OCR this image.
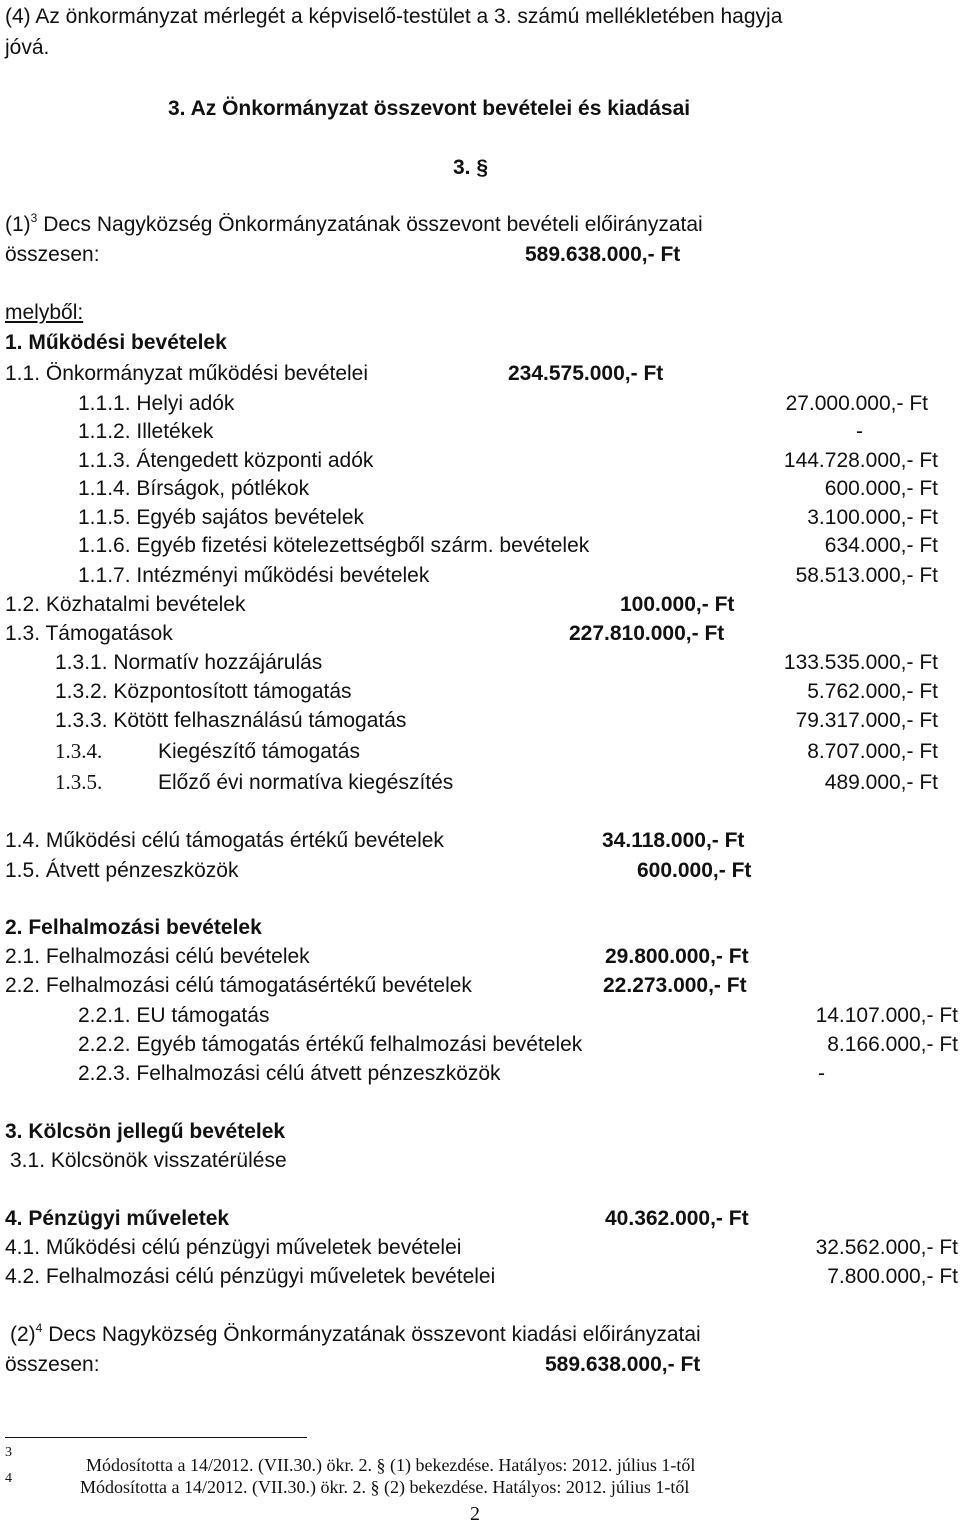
(4) Az önkormányzat mérlegét a képviselő-testület a 3. számú mellékletében hagyja
jóvá.
3. Az Önkormányzat összevont bevételei és kiadásai
3. §
$(1)^3$ Decs Nagyközség Önkormányzatának összevont bevételi előirányzatai
összesen:	589.638.000,- Ft
melyből:
1. Működési bevételek
1.1. Önkormányzat működési bevételei	234.575.000,- Ft
1.1.1. Helyi adók	27.000.000,- Ft
1.1.2. Illetékek	-
1.1.3. Átengedett központi adók	144.728.000,- Ft
1.1.4. Bírságok, pótlékok	600.000,- Ft
1.1.5. Egyéb sajátos bevételek	3.100.000,- Ft
1.1.6. Egyéb fizetési kötelezettségből szárm. bevételek	634.000,- Ft
1.1.7. Intézményi működési bevételek	58.513.000,- Ft
1.2. Közhatalmi bevételek	100.000,- Ft
1.3. Támogatások	227.810.000,- Ft
1.3.1. Normatív hozzájárulás	133.535.000,- Ft
1.3.2. Központosított támogatás	5.762.000,- Ft
1.3.3. Kötött felhasználású támogatás	79.317.000,- Ft
1.3.4.	Kiegészítő támogatás	8.707.000,- Ft
1.3.5.	Előző évi normatíva kiegészítés	489.000,- Ft
1.4. Működési célú támogatás értékű bevételek	34.118.000,- Ft
1.5. Átvett pénzeszközök	600.000,- Ft
2. Felhalmozási bevételek
2.1. Felhalmozási célú bevételek	29.800.000,- Ft
2.2. Felhalmozási célú támogatásértékű bevételek	22.273.000,- Ft
2.2.1. EU támogatás	14.107.000,- Ft
2.2.2. Egyéb támogatás értékű felhalmozási bevételek	8.166.000,- Ft
2.2.3. Felhalmozási célú átvett pénzeszközök	-
3. Kölcsön jellegű bevételek
3.1. Kölcsönök visszatérülése
4. Pénzügyi műveletek	40.362.000,- Ft
4.1. Működési célú pénzügyi műveletek bevételei	32.562.000,- Ft
4.2. Felhalmozási célú pénzügyi műveletek bevételei	7.800.000,- Ft
$(2)^4$ Decs Nagyközség Önkormányzatának összevont kiadási előirányzatai
összesen:	589.638.000,- Ft
3
Módosította a 14/2012. (VII.30.) ökr. 2. § (1) bekezdése. Hatályos: 2012. július 1-től
4	Módosította a 14/2012. (VII.30.) ökr. 2. § (2) bekezdése. Hatályos: 2012. július 1-től
2
